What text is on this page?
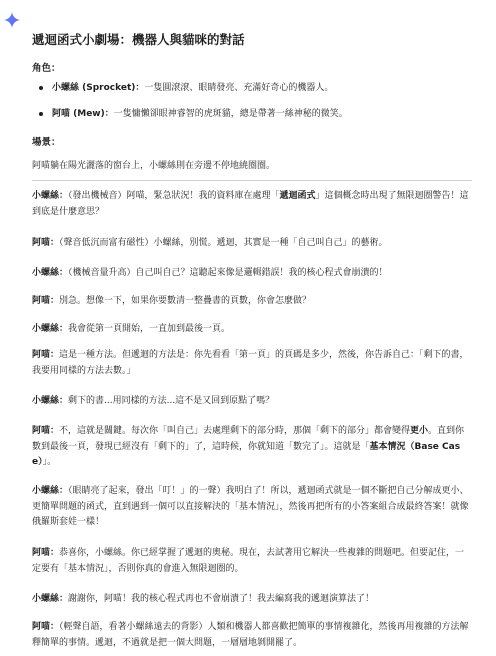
遞迴函式小劇場：機器人與貓咪的對話
角色：
小螺絲 (Sprocket)：一隻圓滾滾、眼睛發亮、充滿好奇心的機器人。
阿喵 (Mew)：一隻慵懶卻眼神睿智的虎斑貓，總是帶著一絲神秘的微笑。
場景：
阿喵躺在陽光灑落的窗台上，小螺絲則在旁邊不停地繞圈圈。
小螺絲：（發出機械音）阿喵，緊急狀況！我的資料庫在處理「遞迴函式」這個概念時出現了無限迴圈警告！這到底是什麼意思？
阿喵：（聲音低沉而富有磁性）小螺絲，別慌。遞迴，其實是一種「自己叫自己」的藝術。
小螺絲：（機械音量升高）自己叫自己？這聽起來像是邏輯錯誤！我的核心程式會崩潰的！
阿喵：別急。想像一下，如果你要數清一整疊書的頁數，你會怎麼做？
小螺絲：我會從第一頁開始，一直加到最後一頁。
阿喵：這是一種方法。但遞迴的方法是：你先看看「第一頁」的頁碼是多少，然後，你告訴自己：「剩下的書，我要用同樣的方法去數。」
小螺絲：剩下的書...用同樣的方法...這不是又回到原點了嗎？
阿喵：不，這就是關鍵。每次你「叫自己」去處理剩下的部分時，那個「剩下的部分」都會變得更小。直到你數到最後一頁，發現已經沒有「剩下的」了，這時候，你就知道「數完了」。這就是「基本情況（Base Case）」。
小螺絲：（眼睛亮了起來，發出「叮！」的一聲）我明白了！所以，遞迴函式就是一個不斷把自己分解成更小、更簡單問題的函式，直到遇到一個可以直接解決的「基本情況」，然後再把所有的小答案組合成最終答案！就像俄羅斯套娃一樣！
阿喵：恭喜你，小螺絲。你已經掌握了遞迴的奧秘。現在，去試著用它解決一些複雜的問題吧。但要記住，一定要有「基本情況」，否則你真的會進入無限迴圈的。
小螺絲：謝謝你，阿喵！我的核心程式再也不會崩潰了！我去編寫我的遞迴演算法了！
阿喵：（輕聲自語，看著小螺絲遠去的背影）人類和機器人都喜歡把簡單的事情複雜化，然後再用複雜的方法解釋簡單的事情。遞迴，不過就是把一個大問題，一層層地剝開罷了。
